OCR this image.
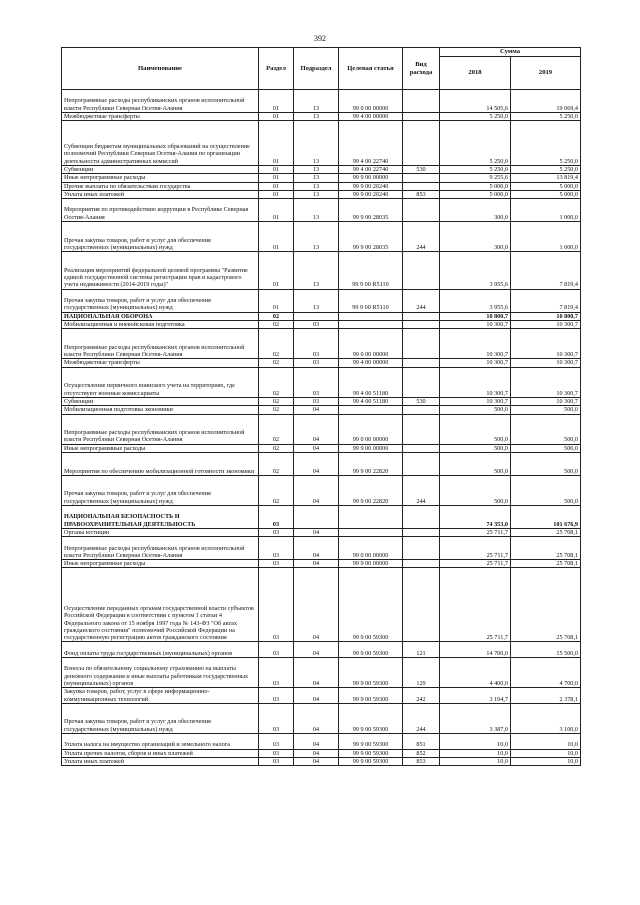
392
Наименование	Раздел	Подраздел	Целевая статья	Вид расхода	Сумма	
					2018	2019
Непрограммные расходы республиканских органов исполнительной власти Республики Северная Осетия-Алания	01	13	99 0 00 00000		14 505,6	19 069,4
Межбюджетные трансферты	01	13	99 4 00 00000		5 250,0	5 250,0
Субвенции бюджетам муниципальных образований на осуществление полномочий Республики Северная Осетия-Алания по организации деятельности административных комиссий	01	13	99 4 00 22740		5 250,0	5 250,0
Субвенции	01	13	99 4 00 22740	530	5 250,0	5 250,0
Иные непрограммные расходы	01	13	99 9 00 00000		9 255,6	13 819,4
Прочие выплаты по обязательствам государства	01	13	99 9 00 20240		5 000,0	5 000,0
Уплата иных платежей	01	13	99 9 00 20240	853	5 000,0	5 000,0
Мероприятия по противодействию коррупции в Республике Северная Осетия-Алания	01	13	99 9 00 28035		300,0	1 000,0
Прочая закупка товаров, работ и услуг для обеспечения государственных (муниципальных) нужд	01	13	99 9 00 28035	244	300,0	1 000,0
Реализация мероприятий федеральной целевой программы "Развитие единой государственной системы регистрации прав и кадастрового учета недвижимости (2014-2019 годы)"	01	13	99 9 00 R5110		3 955,6	7 819,4
Прочая закупка товаров, работ и услуг для обеспечения государственных (муниципальных) нужд	01	13	99 9 00 R5110	244	3 955,6	7 819,4
НАЦИОНАЛЬНАЯ ОБОРОНА	02				10 800,7	10 800,7
Мобилизационная и вневойсковая подготовка	02	03			10 300,7	10 300,7
Непрограммные расходы республиканских органов исполнительной власти Республики Северная Осетия-Алания	02	03	99 0 00 00000		10 300,7	10 300,7
Межбюджетные трансферты	02	03	99 4 00 00000		10 300,7	10 300,7
Осуществление первичного воинского учета на территориях, где отсутствуют военные комиссариаты	02	03	99 4 00 51180		10 300,7	10 300,7
Субвенции	02	03	99 4 00 51180	530	10 300,7	10 300,7
Мобилизационная подготовка экономики	02	04			500,0	500,0
Непрограммные расходы республиканских органов исполнительной власти Республики Северная Осетия-Алания	02	04	99 0 00 00000		500,0	500,0
Иные непрограммные расходы	02	04	99 9 00 00000		500,0	500,0
Мероприятия по обеспечению мобилизационной готовности экономики	02	04	99 9 00 22820		500,0	500,0
Прочая закупка товаров, работ и услуг для обеспечения государственных (муниципальных) нужд	02	04	99 9 00 22820	244	500,0	500,0
НАЦИОНАЛЬНАЯ БЕЗОПАСНОСТЬ И ПРАВООХРАНИТЕЛЬНАЯ ДЕЯТЕЛЬНОСТЬ	03				74 353,0	101 676,9
Органы юстиции	03	04			25 711,7	25 708,1
Непрограммные расходы республиканских органов исполнительной власти Республики Северная Осетия-Алания	03	04	99 0 00 00000		25 711,7	25 708,1
Иные непрограммные расходы	03	04	99 9 00 00000		25 711,7	25 708,1
Осуществление переданных органам государственной власти субъектов Российской Федерации в соответствии с пунктом 1 статьи 4 Федерального закона от 15 ноября 1997 года № 143-ФЗ "Об актах гражданского состояния" полномочий Российской Федерации на государственную регистрацию актов гражданского состояния	03	04	99 9 00 59300		25 711,7	25 708,1
Фонд оплаты труда государственных (муниципальных) органов	03	04	99 9 00 59300	121	14 700,0	15 500,0
Взносы по обязательному социальному страхованию на выплаты денежного содержания и иные выплаты работникам государственных (муниципальных) органов	03	04	99 9 00 59300	129	4 400,0	4 700,0
Закупка товаров, работ, услуг в сфере информационно-коммуникационных технологий	03	04	99 9 00 59300	242	3 194,7	2 378,1
Прочая закупка товаров, работ и услуг для обеспечения государственных (муниципальных) нужд	03	04	99 9 00 59300	244	3 387,0	3 100,0
Уплата налога на имущество организаций и земельного налога	03	04	99 9 00 59300	851	10,0	10,0
Уплата прочих налогов, сборов и иных платежей	03	04	99 9 00 59300	852	10,0	10,0
Уплата иных платежей	03	04	99 9 00 59300	853	10,0	10,0
